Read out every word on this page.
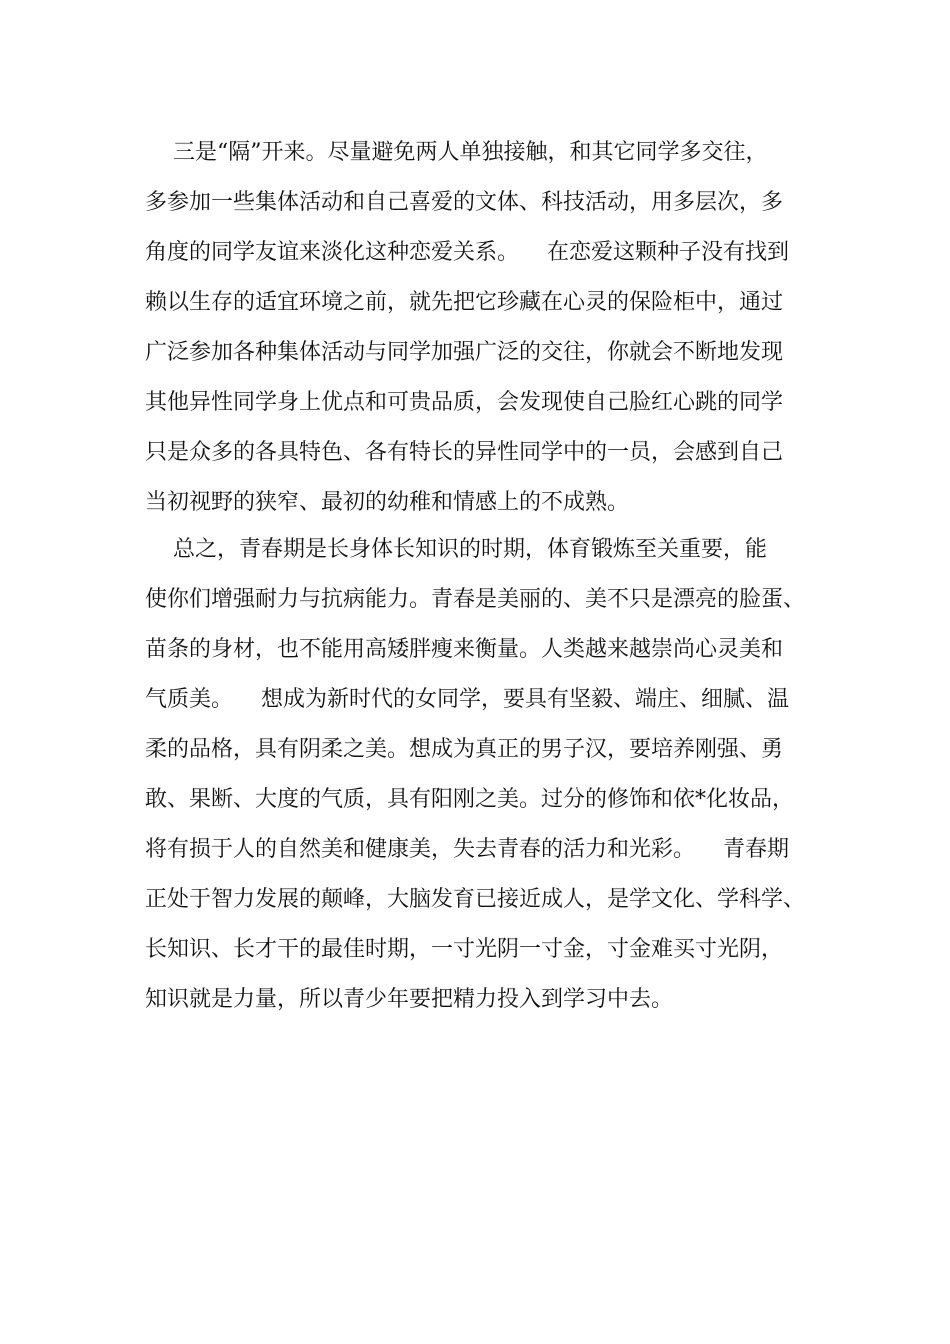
三是“隔”开来。尽量避免两人单独接触，和其它同学多交往，
多参加一些集体活动和自己喜爱的文体、科技活动，用多层次，多
角度的同学友谊来淡化这种恋爱关系。    在恋爱这颗种子没有找到
赖以生存的适宜环境之前，就先把它珍藏在心灵的保险柜中，通过
广泛参加各种集体活动与同学加强广泛的交往，你就会不断地发现
其他异性同学身上优点和可贵品质，会发现使自己脸红心跳的同学
只是众多的各具特色、各有特长的异性同学中的一员，会感到自己
当初视野的狭窄、最初的幼稚和情感上的不成熟。
总之，青春期是长身体长知识的时期，体育锻炼至关重要，能
使你们增强耐力与抗病能力。青春是美丽的、美不只是漂亮的脸蛋、
苗条的身材，也不能用高矮胖瘦来衡量。人类越来越崇尚心灵美和
气质美。    想成为新时代的女同学，要具有坚毅、端庄、细腻、温
柔的品格，具有阴柔之美。想成为真正的男子汉，要培养刚强、勇
敢、果断、大度的气质，具有阳刚之美。过分的修饰和依*化妆品，
将有损于人的自然美和健康美，失去青春的活力和光彩。    青春期
正处于智力发展的颠峰，大脑发育已接近成人，是学文化、学科学、
长知识、长才干的最佳时期，一寸光阴一寸金，寸金难买寸光阴，
知识就是力量，所以青少年要把精力投入到学习中去。
